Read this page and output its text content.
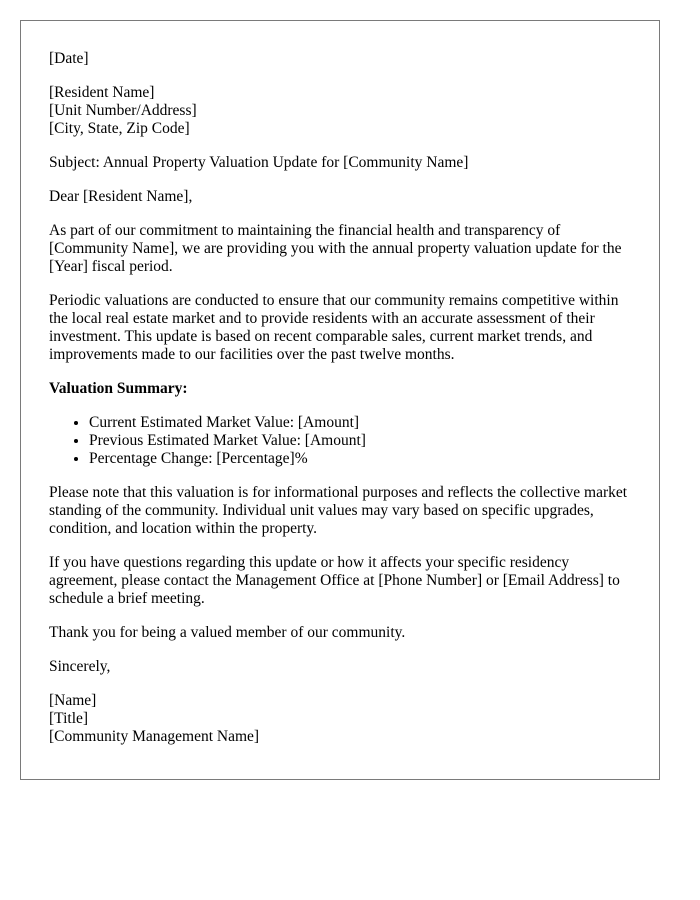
[Date]

[Resident Name]
[Unit Number/Address]
[City, State, Zip Code]

Subject: Annual Property Valuation Update for [Community Name]

Dear [Resident Name],

As part of our commitment to maintaining the financial health and transparency of [Community Name], we are providing you with the annual property valuation update for the [Year] fiscal period.

Periodic valuations are conducted to ensure that our community remains competitive within the local real estate market and to provide residents with an accurate assessment of their investment. This update is based on recent comparable sales, current market trends, and improvements made to our facilities over the past twelve months.

Valuation Summary:

• Current Estimated Market Value: [Amount]
• Previous Estimated Market Value: [Amount]
• Percentage Change: [Percentage]%

Please note that this valuation is for informational purposes and reflects the collective market standing of the community. Individual unit values may vary based on specific upgrades, condition, and location within the property.

If you have questions regarding this update or how it affects your specific residency agreement, please contact the Management Office at [Phone Number] or [Email Address] to schedule a brief meeting.

Thank you for being a valued member of our community.

Sincerely,

[Name]
[Title]
[Community Management Name]
